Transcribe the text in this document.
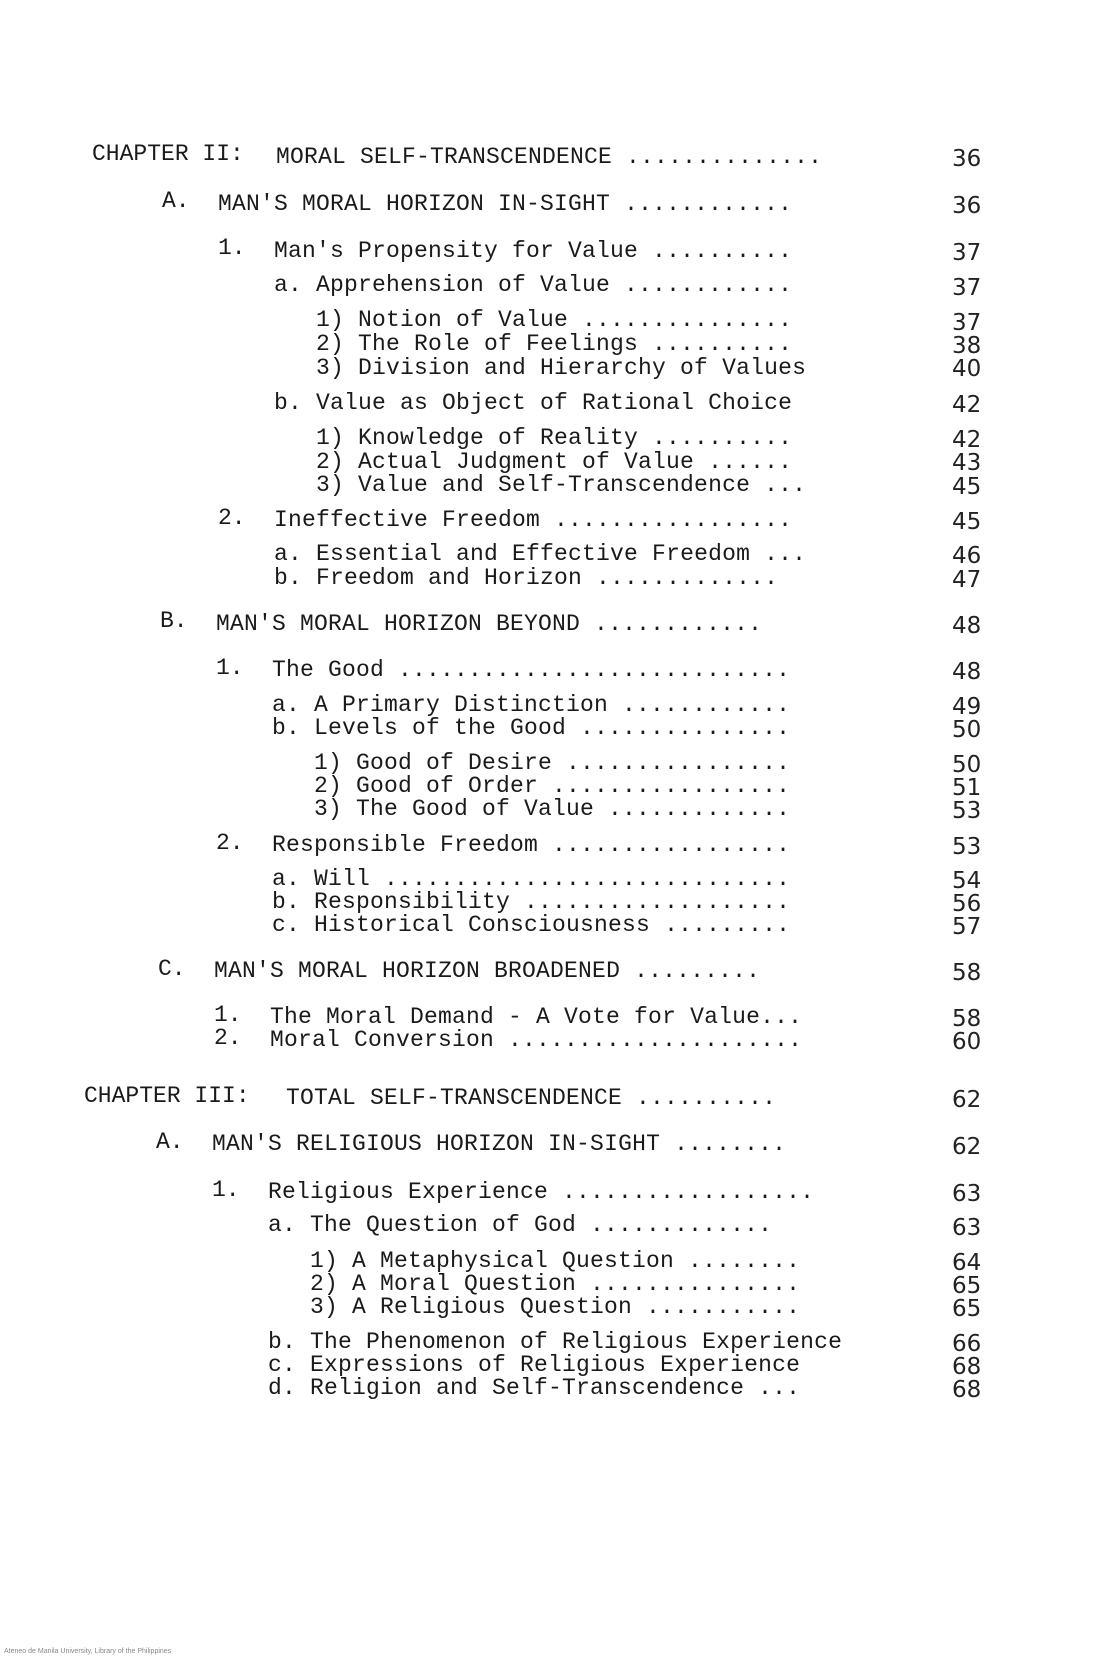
CHAPTER II: MORAL SELF-TRANSCENDENCE ..............	36
A. MAN'S MORAL HORIZON IN-SIGHT ............	36
1. Man's Propensity for Value ..........	37
a. Apprehension of Value ............	37
1) Notion of Value ...............	37
2) The Role of Feelings ..........	38
3) Division and Hierarchy of Values	40
b. Value as Object of Rational Choice	42
1) Knowledge of Reality ..........	42
2) Actual Judgment of Value ......	43
3) Value and Self-Transcendence ...	45
2. Ineffective Freedom .................	45
a. Essential and Effective Freedom ...	46
b. Freedom and Horizon .............	47
B. MAN'S MORAL HORIZON BEYOND ............	48
1. The Good ............................	48
a. A Primary Distinction ............	49
b. Levels of the Good ...............	50
1) Good of Desire ................	50
2) Good of Order .................	51
3) The Good of Value .............	53
2. Responsible Freedom .................	53
a. Will .............................	54
b. Responsibility ...................	56
c. Historical Consciousness .........	57
C. MAN'S MORAL HORIZON BROADENED .........	58
1. The Moral Demand - A Vote for Value...	58
2. Moral Conversion .....................	60
CHAPTER III: TOTAL SELF-TRANSCENDENCE ..........	62
A. MAN'S RELIGIOUS HORIZON IN-SIGHT ........	62
1. Religious Experience ..................	63
a. The Question of God .............	63
1) A Metaphysical Question ........	64
2) A Moral Question ...............	65
3) A Religious Question ...........	65
b. The Phenomenon of Religious Experience	66
c. Expressions of Religious Experience	68
d. Religion and Self-Transcendence ...	68
Ateneo de Manila University, Library of the Philippines
